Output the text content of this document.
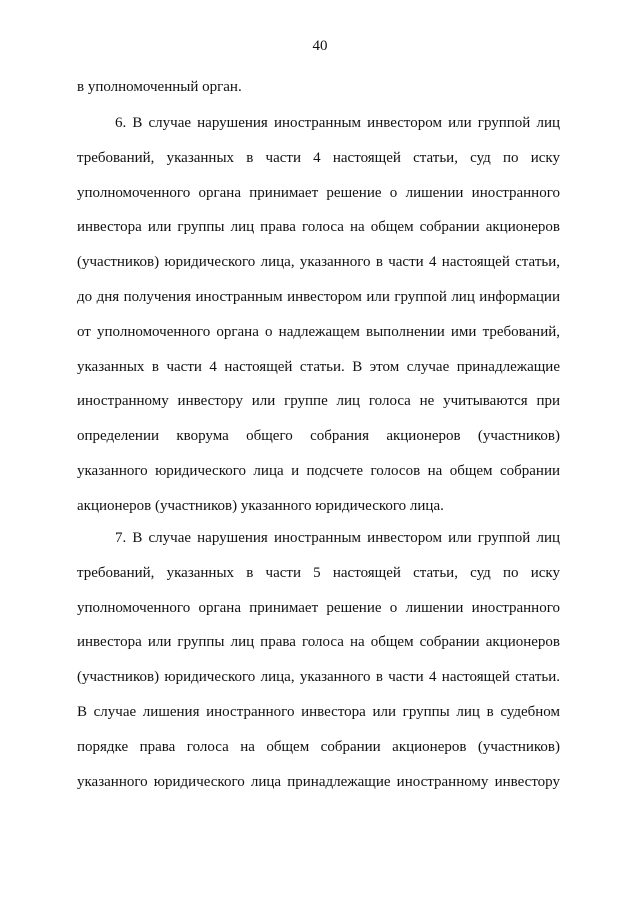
40
в уполномоченный орган.
6. В случае нарушения иностранным инвестором или группой лиц
требований, указанных в части 4 настоящей статьи, суд по иску
уполномоченного органа принимает решение о лишении иностранного
инвестора или группы лиц права голоса на общем собрании акционеров
(участников) юридического лица, указанного в части 4 настоящей статьи,
до дня получения иностранным инвестором или группой лиц информации
от уполномоченного органа о надлежащем выполнении ими требований,
указанных в части 4 настоящей статьи. В этом случае принадлежащие
иностранному инвестору или группе лиц голоса не учитываются при
определении кворума общего собрания акционеров (участников)
указанного юридического лица и подсчете голосов на общем собрании
акционеров (участников) указанного юридического лица.
7. В случае нарушения иностранным инвестором или группой лиц
требований, указанных в части 5 настоящей статьи, суд по иску
уполномоченного органа принимает решение о лишении иностранного
инвестора или группы лиц права голоса на общем собрании акционеров
(участников) юридического лица, указанного в части 4 настоящей статьи.
В случае лишения иностранного инвестора или группы лиц в судебном
порядке права голоса на общем собрании акционеров (участников)
указанного юридического лица принадлежащие иностранному инвестору
